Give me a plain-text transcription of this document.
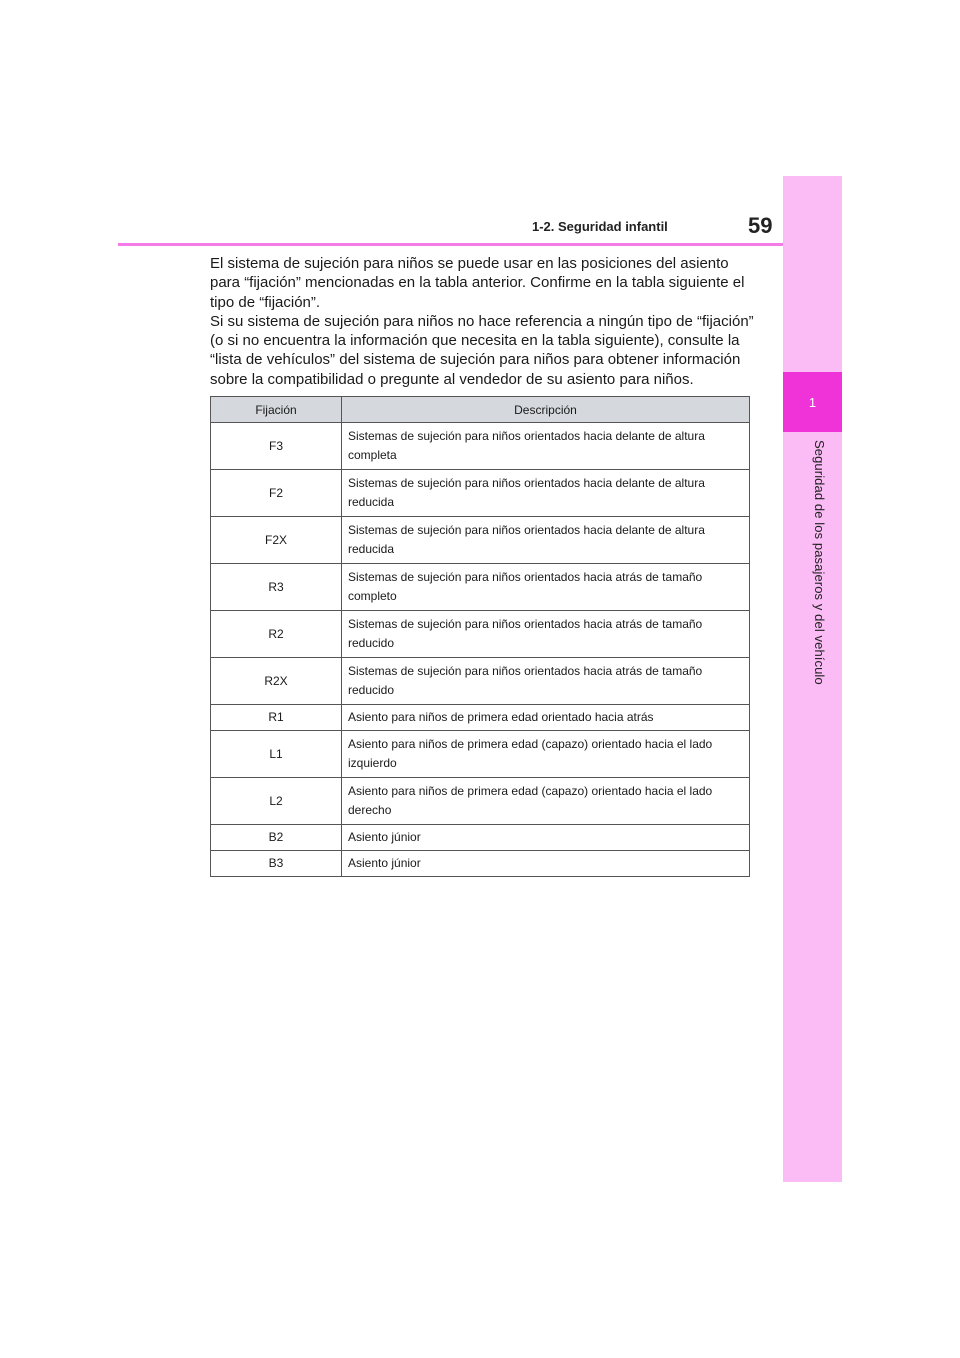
1
Seguridad de los pasajeros y del vehículo
1-2. Seguridad infantil	59

El sistema de sujeción para niños se puede usar en las posiciones del asiento para “fijación” mencionadas en la tabla anterior. Confirme en la tabla siguiente el tipo de “fijación”.

Si su sistema de sujeción para niños no hace referencia a ningún tipo de “fijación” (o si no encuentra la información que necesita en la tabla siguiente), consulte la “lista de vehículos” del sistema de sujeción para niños para obtener información sobre la compatibilidad o pregunte al vendedor de su asiento para niños.

Fijación	Descripción
F3	Sistemas de sujeción para niños orientados hacia delante de altura completa
F2	Sistemas de sujeción para niños orientados hacia delante de altura reducida
F2X	Sistemas de sujeción para niños orientados hacia delante de altura reducida
R3	Sistemas de sujeción para niños orientados hacia atrás de tamaño completo
R2	Sistemas de sujeción para niños orientados hacia atrás de tamaño reducido
R2X	Sistemas de sujeción para niños orientados hacia atrás de tamaño reducido
R1	Asiento para niños de primera edad orientado hacia atrás
L1	Asiento para niños de primera edad (capazo) orientado hacia el lado izquierdo
L2	Asiento para niños de primera edad (capazo) orientado hacia el lado derecho
B2	Asiento júnior
B3	Asiento júnior
